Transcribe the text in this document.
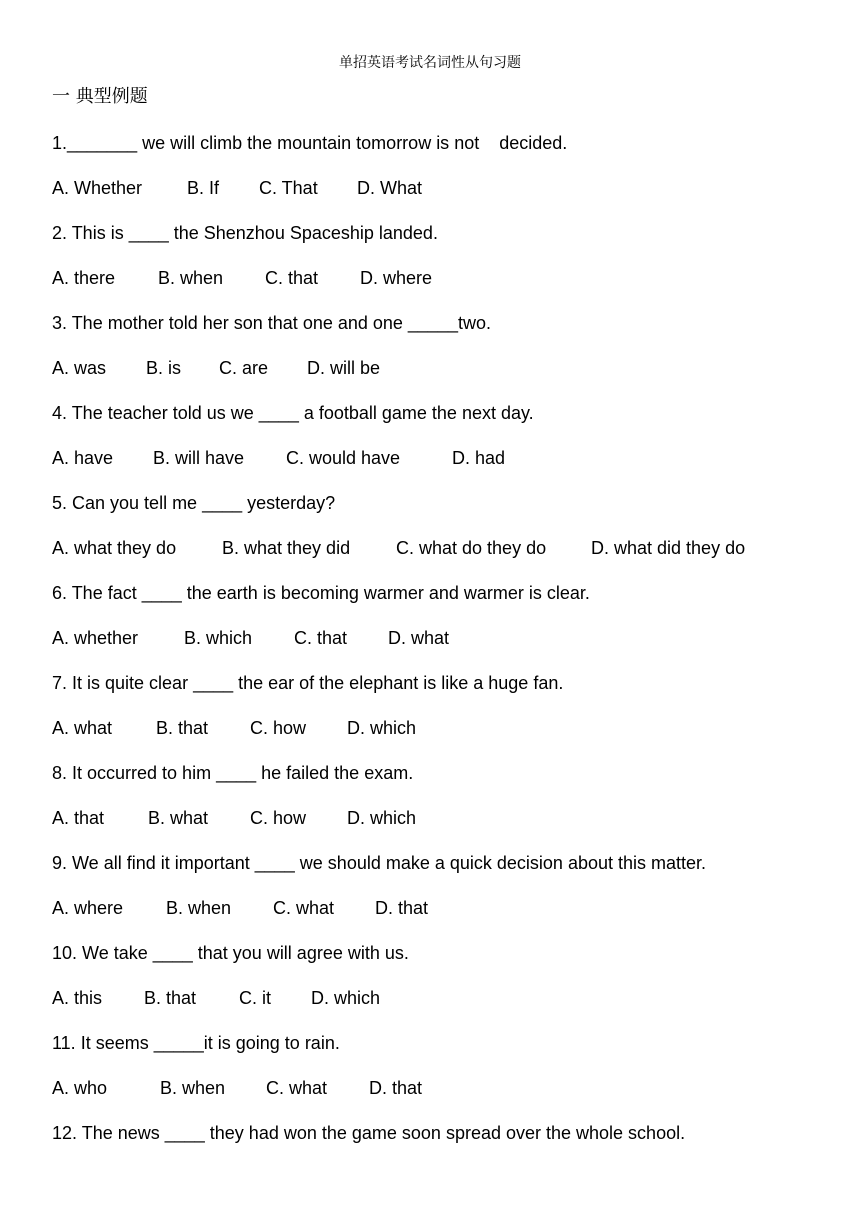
单招英语考试名词性从句习题
一 典型例题
1._______ we will climb the mountain tomorrow is not    decided.
A. Whether B. If C. That D. What
2. This is ____ the Shenzhou Spaceship landed.
A. there B. when C. that D. where
3. The mother told her son that one and one _____two.
A. was B. is C. are D. will be
4. The teacher told us we ____ a football game the next day.
A. have B. will have C. would have	D. had
5. Can you tell me ____ yesterday?
A. what they do	B. what they did	C. what do they do D. what did they do
6. The fact ____ the earth is becoming warmer and warmer is clear.
A. whether	B. which C. that D. what
7. It is quite clear ____ the ear of the elephant is like a huge fan.
A. what B. that C. how D. which
8. It occurred to him ____ he failed the exam.
A. that B. what C. how D. which
9. We all find it important ____ we should make a quick decision about this matter.
A. where B. when C. what D. that
10. We take ____ that you will agree with us.
A. this B. that C. it D. which
11. It seems _____it is going to rain.
A. who	B. when C. what D. that
12. The news ____ they had won the game soon spread over the whole school.
